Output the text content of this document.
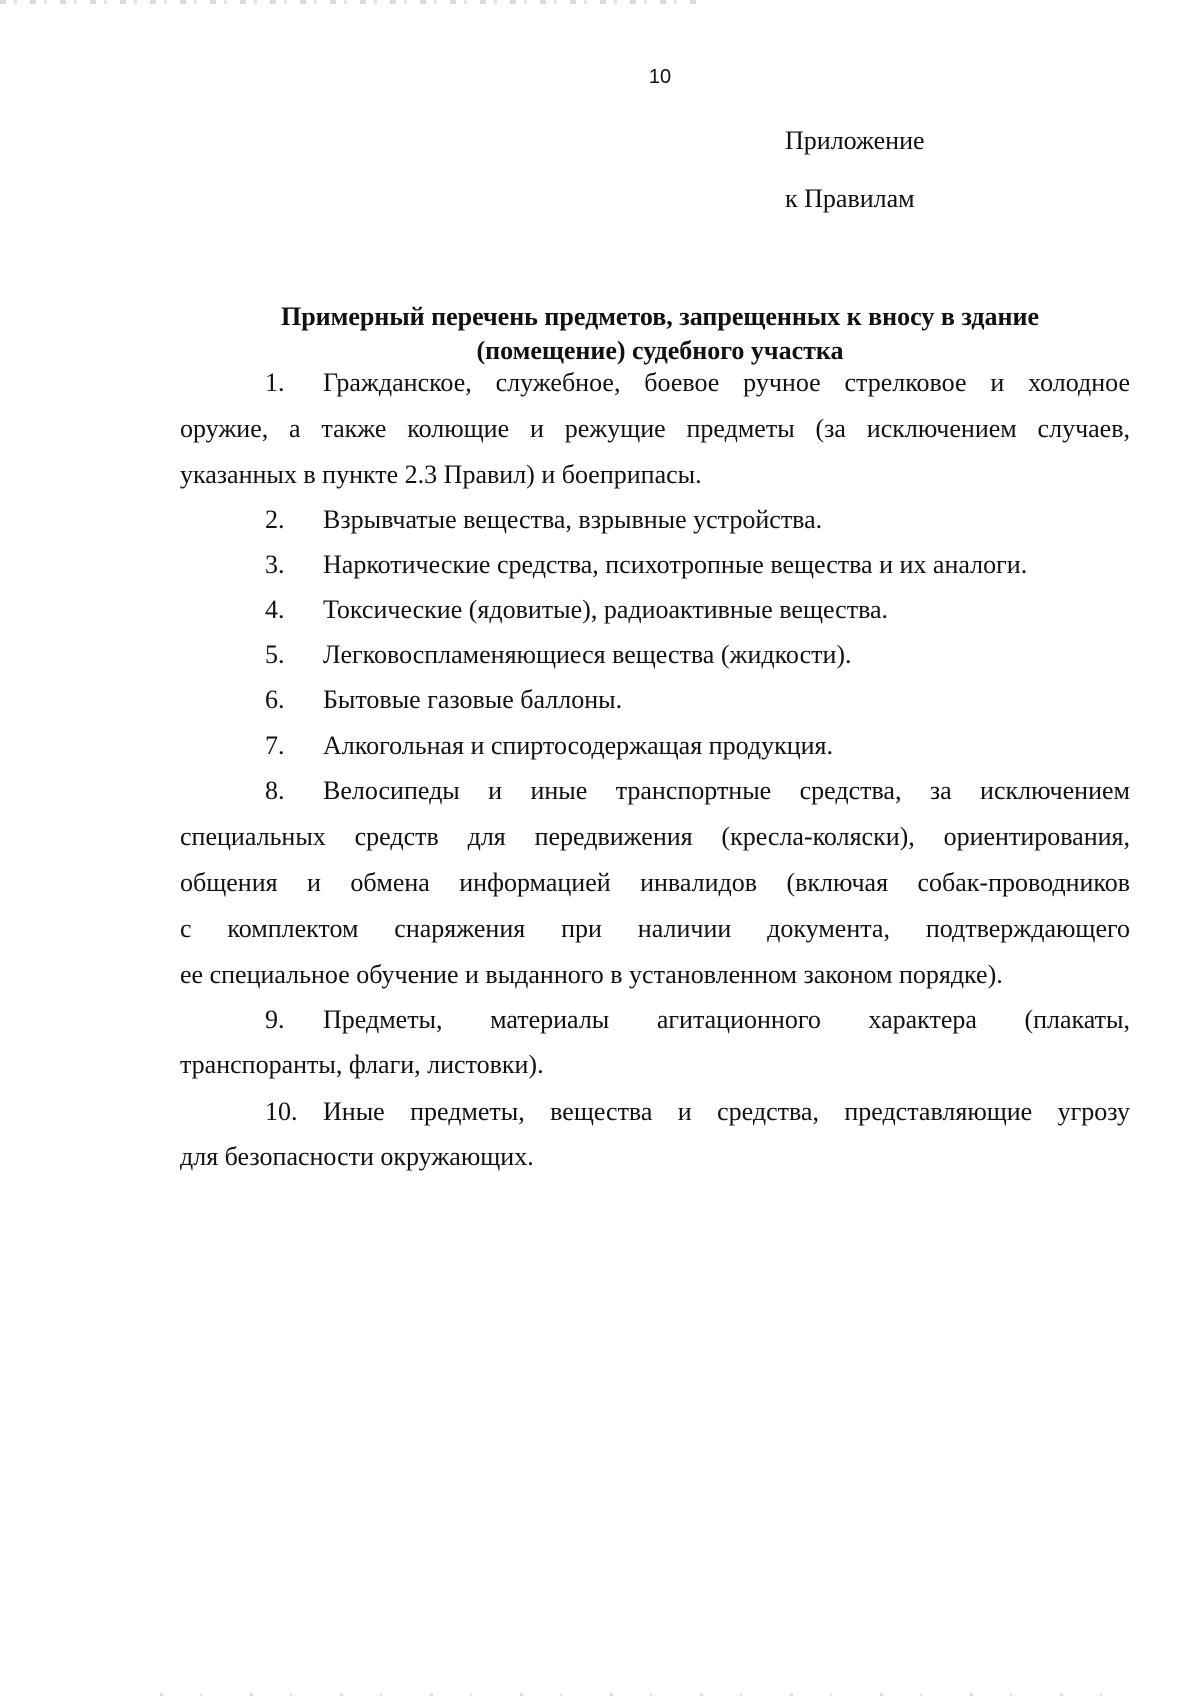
10
Приложение
к Правилам
Примерный перечень предметов, запрещенных к вносу в здание
(помещение) судебного участка
1. Гражданское, служебное, боевое ручное стрелковое и холодное
оружие, а также колющие и режущие предметы (за исключением случаев,
указанных в пункте 2.3 Правил) и боеприпасы.
2. Взрывчатые вещества, взрывные устройства.
3. Наркотические средства, психотропные вещества и их аналоги.
4. Токсические (ядовитые), радиоактивные вещества.
5. Легковоспламеняющиеся вещества (жидкости).
6. Бытовые газовые баллоны.
7. Алкогольная и спиртосодержащая продукция.
8. Велосипеды и иные транспортные средства, за исключением
специальных средств для передвижения (кресла-коляски), ориентирования,
общения и обмена информацией инвалидов (включая собак-проводников
с комплектом снаряжения при наличии документа, подтверждающего
ее специальное обучение и выданного в установленном законом порядке).
9. Предметы, материалы агитационного характера (плакаты,
транспоранты, флаги, листовки).
10. Иные предметы, вещества и средства, представляющие угрозу
для безопасности окружающих.
